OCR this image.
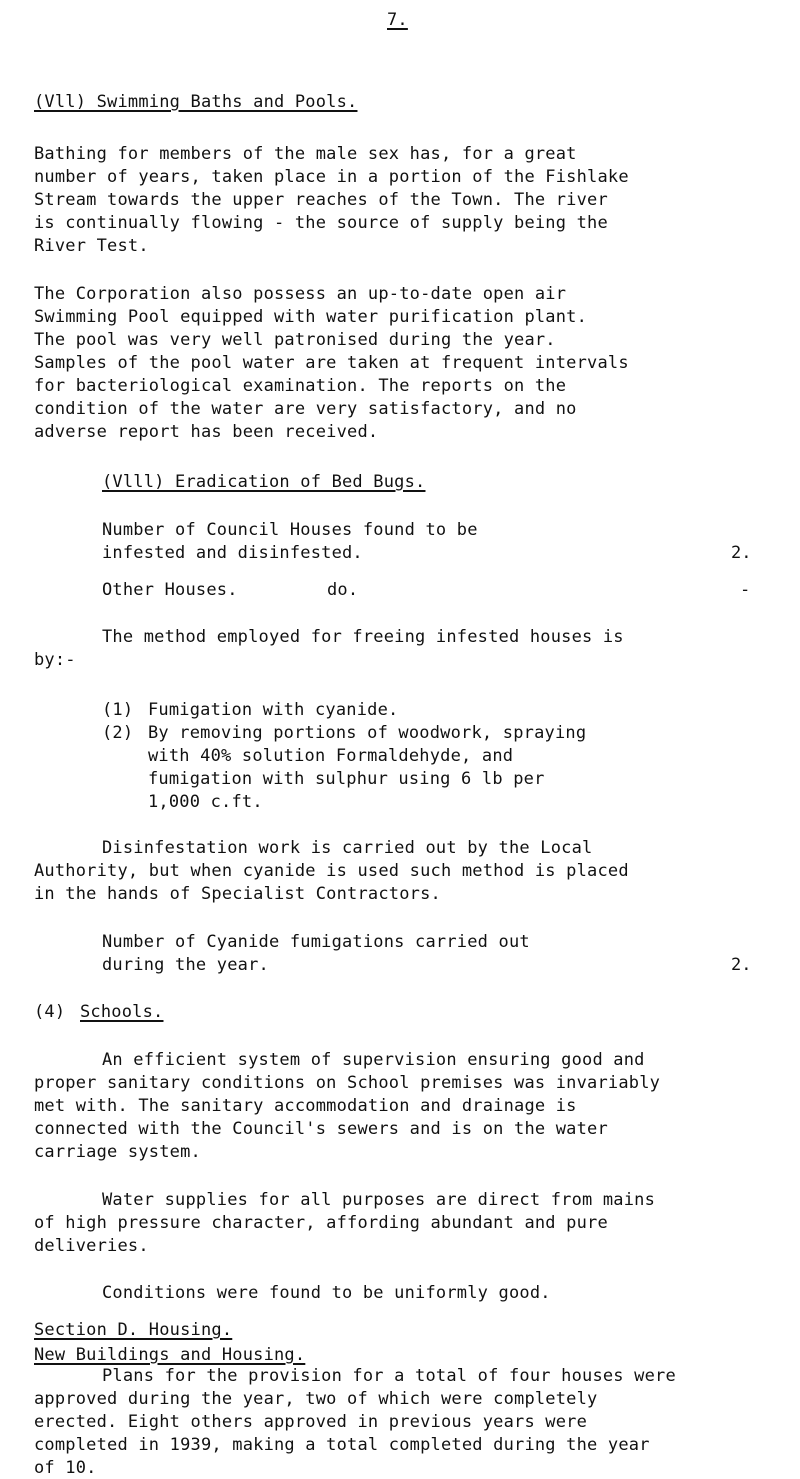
7.
(Vll) Swimming Baths and Pools.
Bathing for members of the male sex has, for a great
number of years, taken place in a portion of the Fishlake
Stream towards the upper reaches of the Town. The river
is continually flowing - the source of supply being the
River Test.
The Corporation also possess an up-to-date open air
Swimming Pool equipped with water purification plant.
The pool was very well patronised during the year.
Samples of the pool water are taken at frequent intervals
for bacteriological examination. The reports on the
condition of the water are very satisfactory, and no
adverse report has been received.
(Vlll) Eradication of Bed Bugs.
Number of Council Houses found to be
infested and disinfested.	2.
Other Houses.	do.	-
The method employed for freeing infested houses is
by:-
(1) Fumigation with cyanide.
(2) By removing portions of woodwork, spraying
with 40% solution Formaldehyde, and
fumigation with sulphur using 6 lb per
1,000 c.ft.
Disinfestation work is carried out by the Local
Authority, but when cyanide is used such method is placed
in the hands of Specialist Contractors.
Number of Cyanide fumigations carried out
during the year.	2.
(4) Schools.
An efficient system of supervision ensuring good and
proper sanitary conditions on School premises was invariably
met with. The sanitary accommodation and drainage is
connected with the Council's sewers and is on the water
carriage system.
Water supplies for all purposes are direct from mains
of high pressure character, affording abundant and pure
deliveries.
Conditions were found to be uniformly good.
Section D. Housing.
New Buildings and Housing.
Plans for the provision for a total of four houses were
approved during the year, two of which were completely
erected. Eight others approved in previous years were
completed in 1939, making a total completed during the year
of 10.
